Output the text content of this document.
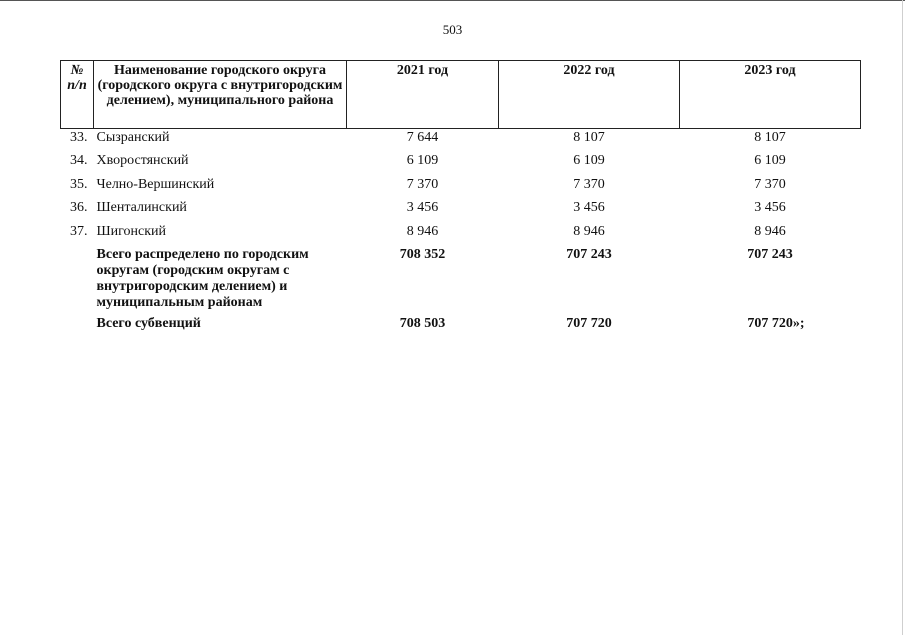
503
№ п/п	Наименование городского округа (городского округа с внутригородским делением), муниципального района	2021 год	2022 год	2023 год
33.	Сызранский	7 644	8 107	8 107
34.	Хворостянский	6 109	6 109	6 109
35.	Челно-Вершинский	7 370	7 370	7 370
36.	Шенталинский	3 456	3 456	3 456
37.	Шигонский	8 946	8 946	8 946
	Всего распределено по городским округам (городским округам с внутригородским делением) и муниципальным районам	708 352	707 243	707 243
	Всего субвенций	708 503	707 720	707 720»;
